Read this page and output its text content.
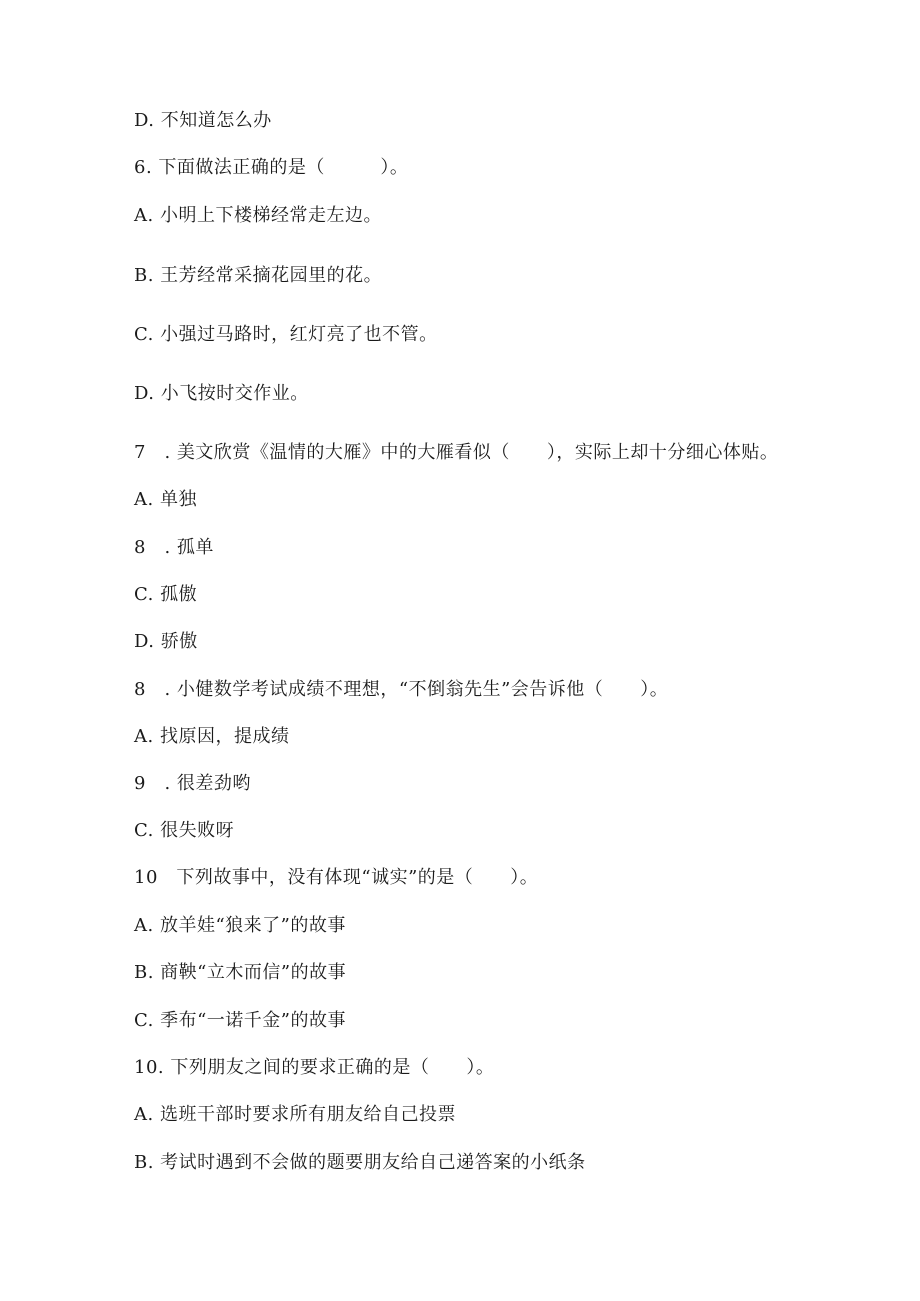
D. 不知道怎么办
6. 下面做法正确的是（　　　）。
A. 小明上下楼梯经常走左边。
B. 王芳经常采摘花园里的花。
C. 小强过马路时，红灯亮了也不管。
D. 小飞按时交作业。
7　. 美文欣赏《温情的大雁》中的大雁看似（　　），实际上却十分细心体贴。
A. 单独
8　. 孤单
C. 孤傲
D. 骄傲
8　. 小健数学考试成绩不理想，“不倒翁先生”会告诉他（　　）。
A. 找原因，提成绩
9　. 很差劲哟
C. 很失败呀
10　下列故事中，没有体现“诚实”的是（　　）。
A. 放羊娃“狼来了”的故事
B. 商鞅“立木而信”的故事
C. 季布“一诺千金”的故事
10. 下列朋友之间的要求正确的是（　　）。
A. 选班干部时要求所有朋友给自己投票
B. 考试时遇到不会做的题要朋友给自己递答案的小纸条
